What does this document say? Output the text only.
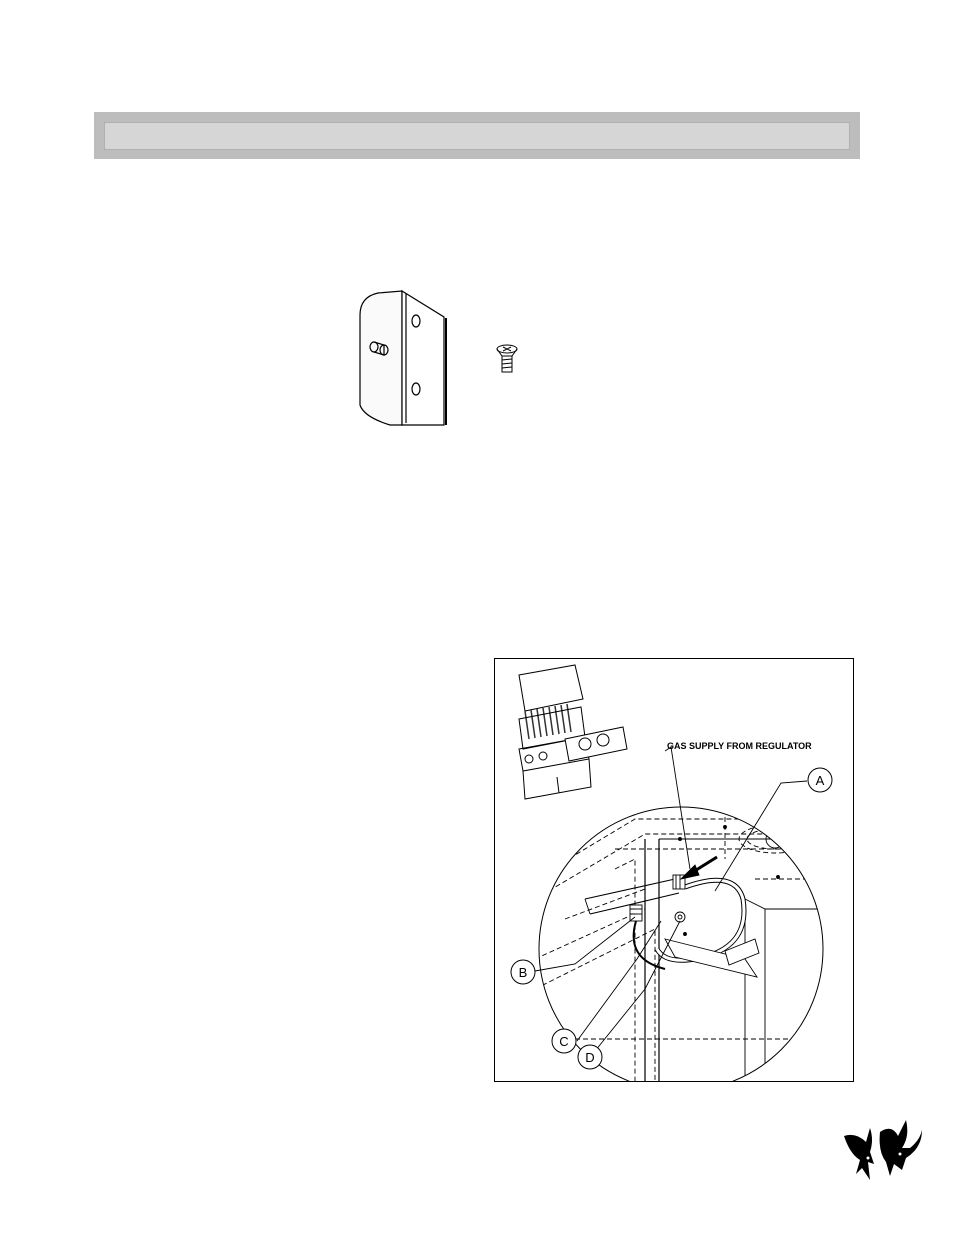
GAS SUPPLY FROM REGULATOR
A
B
C
D
